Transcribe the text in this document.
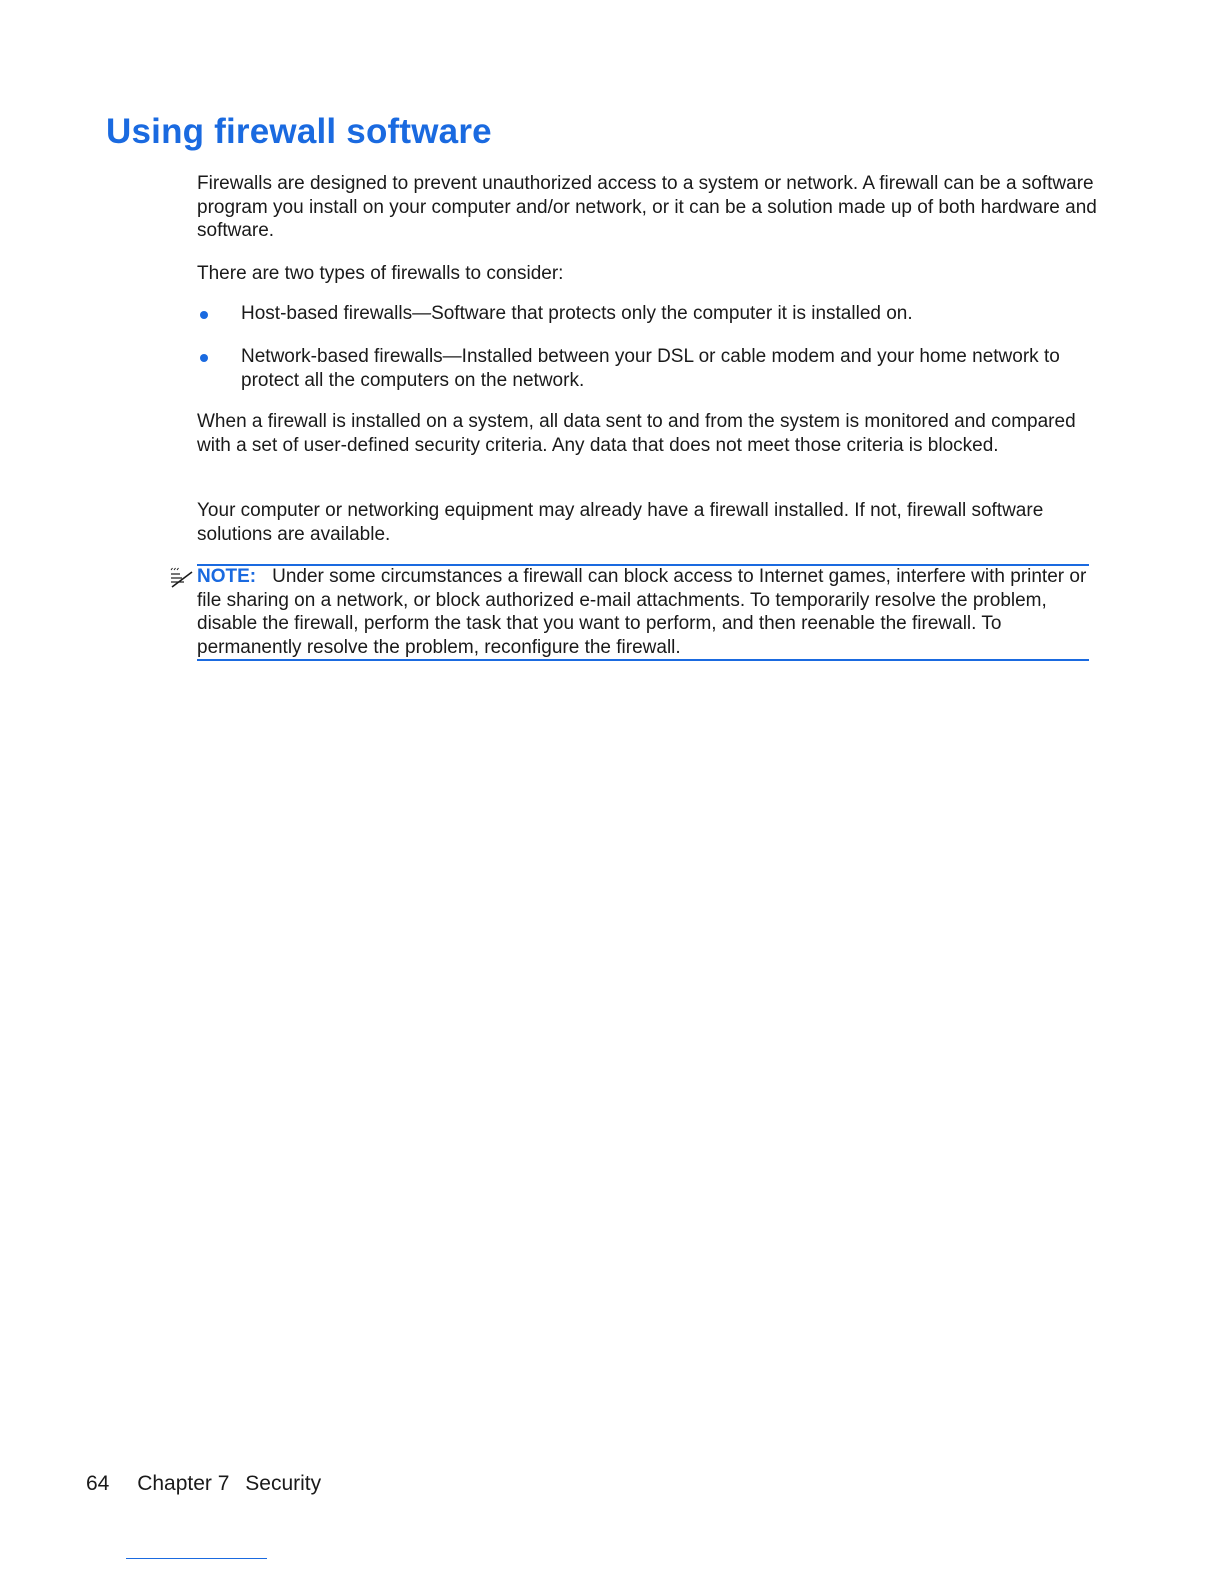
Using firewall software

Firewalls are designed to prevent unauthorized access to a system or network. A firewall can be a software program you install on your computer and/or network, or it can be a solution made up of both hardware and software.

There are two types of firewalls to consider:

Host-based firewalls—Software that protects only the computer it is installed on.
Network-based firewalls—Installed between your DSL or cable modem and your home network to protect all the computers on the network.

When a firewall is installed on a system, all data sent to and from the system is monitored and compared with a set of user-defined security criteria. Any data that does not meet those criteria is blocked.

Your computer or networking equipment may already have a firewall installed. If not, firewall software solutions are available.

NOTE: Under some circumstances a firewall can block access to Internet games, interfere with printer or file sharing on a network, or block authorized e-mail attachments. To temporarily resolve the problem, disable the firewall, perform the task that you want to perform, and then reenable the firewall. To permanently resolve the problem, reconfigure the firewall.

64 Chapter 7 Security
